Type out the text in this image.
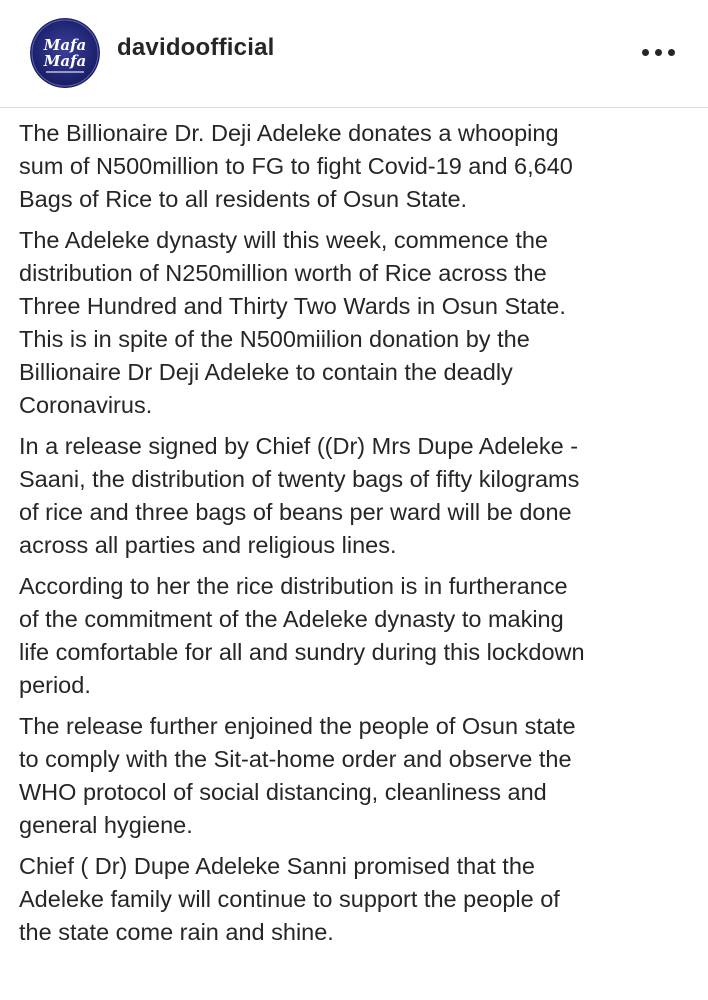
Mafa
Mafa davidoofficial

The Billionaire Dr. Deji Adeleke donates a whooping
sum of N500million to FG to fight Covid-19 and 6,640
Bags of Rice to all residents of Osun State.

The Adeleke dynasty will this week, commence the
distribution of N250million worth of Rice across the
Three Hundred and Thirty Two Wards in Osun State.
This is in spite of the N500miilion donation by the
Billionaire Dr Deji Adeleke to contain the deadly
Coronavirus.

In a release signed by Chief ((Dr) Mrs Dupe Adeleke -
Saani, the distribution of twenty bags of fifty kilograms
of rice and three bags of beans per ward will be done
across all parties and religious lines.

According to her the rice distribution is in furtherance
of the commitment of the Adeleke dynasty to making
life comfortable for all and sundry during this lockdown
period.

The release further enjoined the people of Osun state
to comply with the Sit-at-home order and observe the
WHO protocol of social distancing, cleanliness and
general hygiene.

Chief ( Dr) Dupe Adeleke Sanni promised that the
Adeleke family will continue to support the people of
the state come rain and shine.
